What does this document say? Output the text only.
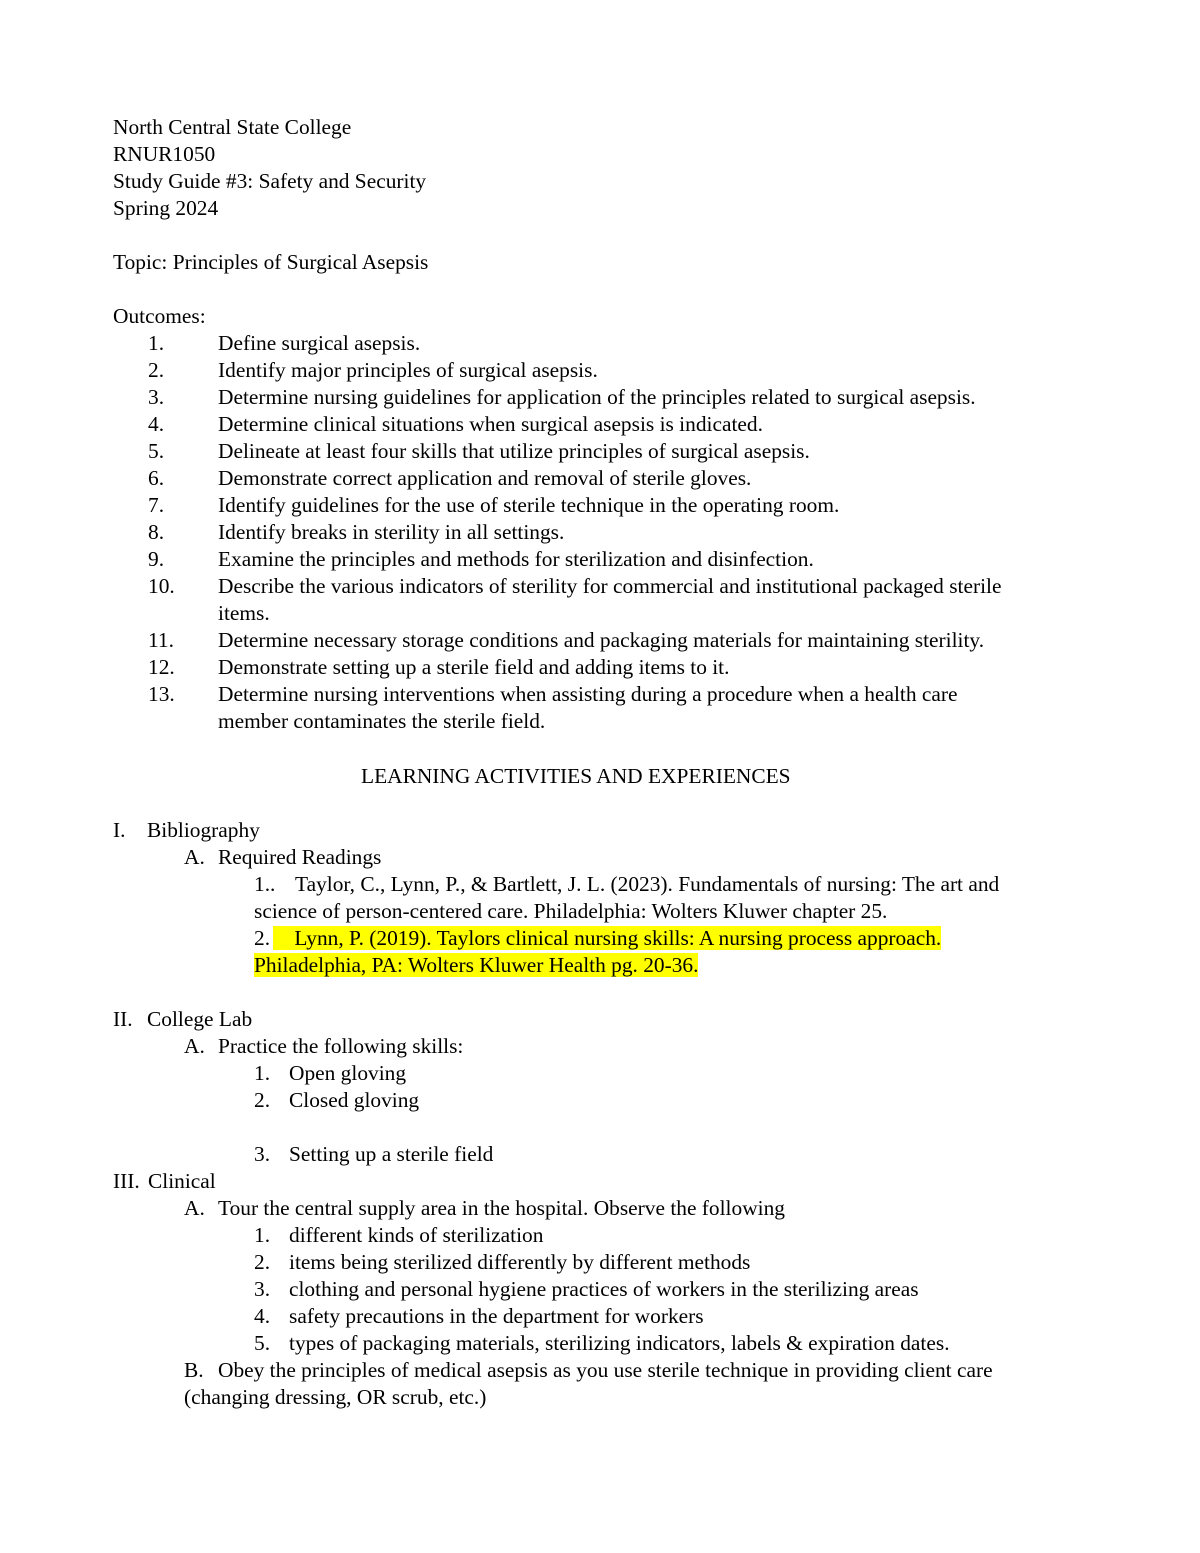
North Central State College
RNUR1050
Study Guide #3: Safety and Security
Spring 2024
Topic: Principles of Surgical Asepsis
Outcomes:
1.	Define surgical asepsis.
2.	Identify major principles of surgical asepsis.
3.	Determine nursing guidelines for application of the principles related to surgical asepsis.
4.	Determine clinical situations when surgical asepsis is indicated.
5.	Delineate at least four skills that utilize principles of surgical asepsis.
6.	Demonstrate correct application and removal of sterile gloves.
7.	Identify guidelines for the use of sterile technique in the operating room.
8.	Identify breaks in sterility in all settings.
9.	Examine the principles and methods for sterilization and disinfection.
10. Describe the various indicators of sterility for commercial and institutional packaged sterile
items.
11. Determine necessary storage conditions and packaging materials for maintaining sterility.
12. Demonstrate setting up a sterile field and adding items to it.
13. Determine nursing interventions when assisting during a procedure when a health care
member contaminates the sterile field.
LEARNING ACTIVITIES AND EXPERIENCES
I. Bibliography
A. Required Readings
1.. Taylor, C., Lynn, P., & Bartlett, J. L. (2023). Fundamentals of nursing: The art and
science of person-centered care. Philadelphia: Wolters Kluwer chapter 25.
2.	Lynn, P. (2019). Taylors clinical nursing skills: A nursing process approach.
Philadelphia, PA: Wolters Kluwer Health pg. 20-36.
II. College Lab
A. Practice the following skills:
1. Open gloving
2. Closed gloving
3. Setting up a sterile field
III. Clinical
A. Tour the central supply area in the hospital. Observe the following
1. different kinds of sterilization
2. items being sterilized differently by different methods
3. clothing and personal hygiene practices of workers in the sterilizing areas
4. safety precautions in the department for workers
5. types of packaging materials, sterilizing indicators, labels & expiration dates.
B. Obey the principles of medical asepsis as you use sterile technique in providing client care
(changing dressing, OR scrub, etc.)
